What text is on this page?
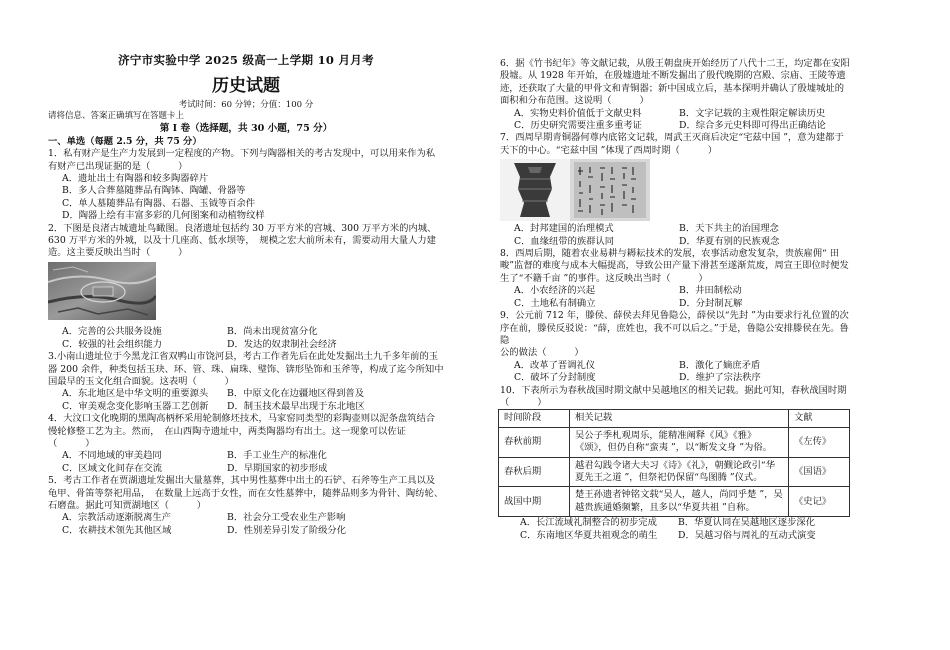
济宁市实验中学 2025 级高一上学期 10 月月考
历史试题
考试时间：60 分钟；分值：100 分
请将信息、答案正确填写在答题卡上
第 I 卷（选择题，共 30 小题，75 分）
一、单选（每题 2.5 分，共 75 分）

1．私有财产是生产力发展到一定程度的产物。下列与陶器相关的考古发现中，可以用来作为私有财产已出现证据的是（　　　）

A．遗址出土有陶器和较多陶器碎片
B．多人合葬墓随葬品有陶钵、陶罐、骨器等
C．单人墓随葬品有陶器、石器、玉钺等百余件
D．陶器上绘有丰富多彩的几何图案和动植物纹样

2．下图是良渚古城遗址鸟瞰图。良渚遗址包括约 30 万平方米的宫城、300 万平方米的内城、630 万平方米的外城，以及十几座高、低水坝等，　规模之宏大前所未有，需要动用大量人力建造。这主要反映出当时（　　　）

A．完善的公共服务设施	B．尚未出现贫富分化
C．较强的社会组织能力	D．发达的奴隶制社会经济

3.小南山遗址位于今黑龙江省双鸭山市饶河县，考古工作者先后在此处发掘出土九千多年前的玉器 200 余件，种类包括玉玦、环、管、珠、扁珠、璧饰、锛形坠饰和玉斧等，构成了迄今所知中国最早的玉文化组合面貌。这表明（　　　）

A．东北地区是中华文明的重要源头	B．中原文化在边疆地区得到普及
C．审美观念变化影响玉器工艺创新	D．制玉技术最早出现于东北地区

4．大汶口文化晚期的黑陶高柄杯采用轮制修坯技术，马家窑同类型的彩陶壶则以泥条盘筑结合慢轮修整工艺为主。然而，　在山西陶寺遗址中，两类陶器均有出土。这一现象可以佐证（　　　）

A．不同地域的审美趋同	B．手工业生产的标准化
C．区域文化间存在交流	D．早期国家的初步形成

5．考古工作者在贾湖遗址发掘出大量墓葬，其中男性墓葬中出土的石铲、石斧等生产工具以及龟甲、骨笛等祭祀用品，　在数量上远高于女性，而在女性墓葬中，随葬品则多为骨针、陶纺轮、石磨盘。据此可知贾湖地区（　　　）

A．宗教活动逐渐脱离生产	B．社会分工受农业生产影响
C．农耕技术领先其他区域	D．性别差异引发了阶级分化

6．据《竹书纪年》等文献记载，从殷王朝盘庚开始经历了八代十二王，均定都在安阳殷墟。从 1928 年开始，在殷墟遗址不断发掘出了殷代晚期的宫殿、宗庙、王陵等遗迹，还获取了大量的甲骨文和青铜器；新中国成立后，基本探明并确认了殷墟城址的面积和分布范围。这说明（　　　）

A．实物史料价值低于文献史料	B．文字记载的主观性限定解读历史
C．历史研究需要注重多重考证	D．综合多元史料即可得出正确结论

7．西周早期青铜器何尊内底铭文记载，周武王灭商后决定“宅兹中国 ”，意为建都于天下的中心。“宅兹中国 ”体现了西周时期（　　　）

A．封邦建国的治理模式	B．天下共主的治国理念
C．血缘纽带的族群认同	D．华夏有别的民族观念

8．西周后期，随着农业易耕与耨耘技术的发展，农事活动愈发复杂，贵族雇佣“ 田畯”监督的难度与成本大幅提高，导致公田产量下滑甚至遂渐荒废，周宣王即位时便发生了“不籍千亩 ”的事件。这反映出当时（　　　）

A．小农经济的兴起	B．井田制松动
C．土地私有制确立	D．分封制瓦解

9．公元前 712 年，滕侯、薛侯去拜见鲁隐公，薛侯以“先封 ”为由要求行礼位置的次序在前，滕侯反驳说：“薛，庶姓也，我不可以后之。”于是，鲁隐公安排滕侯在先。鲁隐

公的做法（　　　）

A．改革了晋调礼仪	B．激化了嫡庶矛盾
C．破坏了分封制度	D．维护了宗法秩序

10．下表所示为春秋战国时期文献中吴越地区的相关记载。据此可知，春秋战国时期（　　　）

时间阶段	相关记载	文献
春秋前期	吴公子季札观周乐，能精准阐释《风》《雅》《颂》，但仍自称“蛮夷 ”，以“断发文身 ”为俗。	《左传》
春秋后期	越君勾践令诸大夫习《诗》《礼》，朝觐论政引“华夏先王之道 ”，但祭祀仍保留“鸟图腾 ”仪式。	《国语》
战国中期	楚王孙遗者钟铭文载“吴人，越人，尚同乎楚 ”，吴越贵族通婚频繁，且多以“华夏共祖 ”自称。	《史记》
A．长江流域礼制整合的初步完成	B．华夏认同在吴越地区逐步深化
C．东南地区华夏共祖观念的萌生	D．吴越习俗与周礼的互动式演变
